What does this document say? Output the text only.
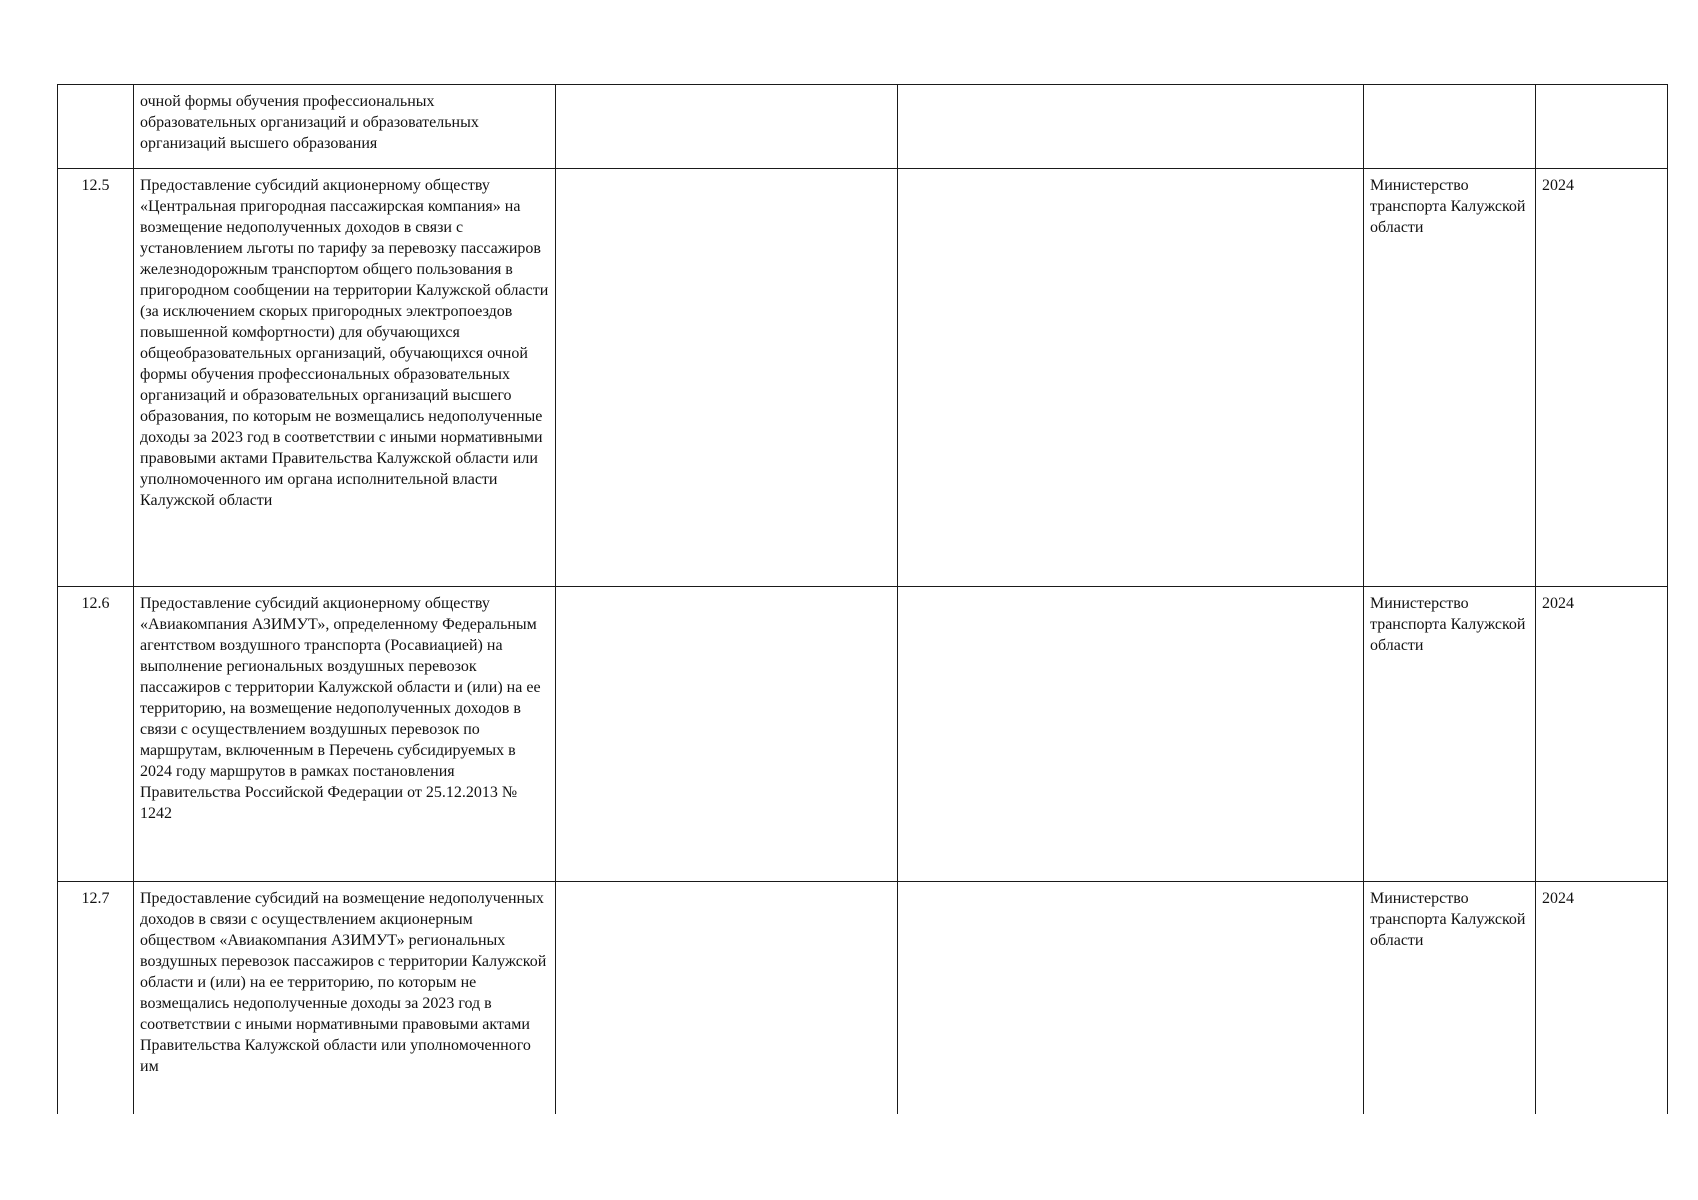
	очной формы обучения профессиональных образовательных организаций и образовательных организаций высшего образования				
12.5	Предоставление субсидий акционерному обществу «Центральная пригородная пассажирская компания» на возмещение недополученных доходов в связи с установлением льготы по тарифу за перевозку пассажиров железнодорожным транспортом общего пользования в пригородном сообщении на территории Калужской области (за исключением скорых пригородных электропоездов повышенной комфортности) для обучающихся общеобразовательных организаций, обучающихся очной формы обучения профессиональных образовательных организаций и образовательных организаций высшего образования, по которым не возмещались недополученные доходы за 2023 год в соответствии с иными нормативными правовыми актами Правительства Калужской области или уполномоченного им органа исполнительной власти Калужской области			Министерство транспорта Калужской области	2024
12.6	Предоставление субсидий акционерному обществу «Авиакомпания АЗИМУТ», определенному Федеральным агентством воздушного транспорта (Росавиацией) на выполнение региональных воздушных перевозок пассажиров с территории Калужской области и (или) на ее территорию, на возмещение недополученных доходов в связи с осуществлением воздушных перевозок по маршрутам, включенным в Перечень субсидируемых в 2024 году маршрутов в рамках постановления Правительства Российской Федерации от 25.12.2013 № 1242			Министерство транспорта Калужской области	2024
12.7	Предоставление субсидий на возмещение недополученных доходов в связи с осуществлением акционерным обществом «Авиакомпания АЗИМУТ» региональных воздушных перевозок пассажиров с территории Калужской области и (или) на ее территорию, по которым не возмещались недополученные доходы за 2023 год в соответствии с иными нормативными правовыми актами Правительства Калужской области или уполномоченного им			Министерство транспорта Калужской области	2024
